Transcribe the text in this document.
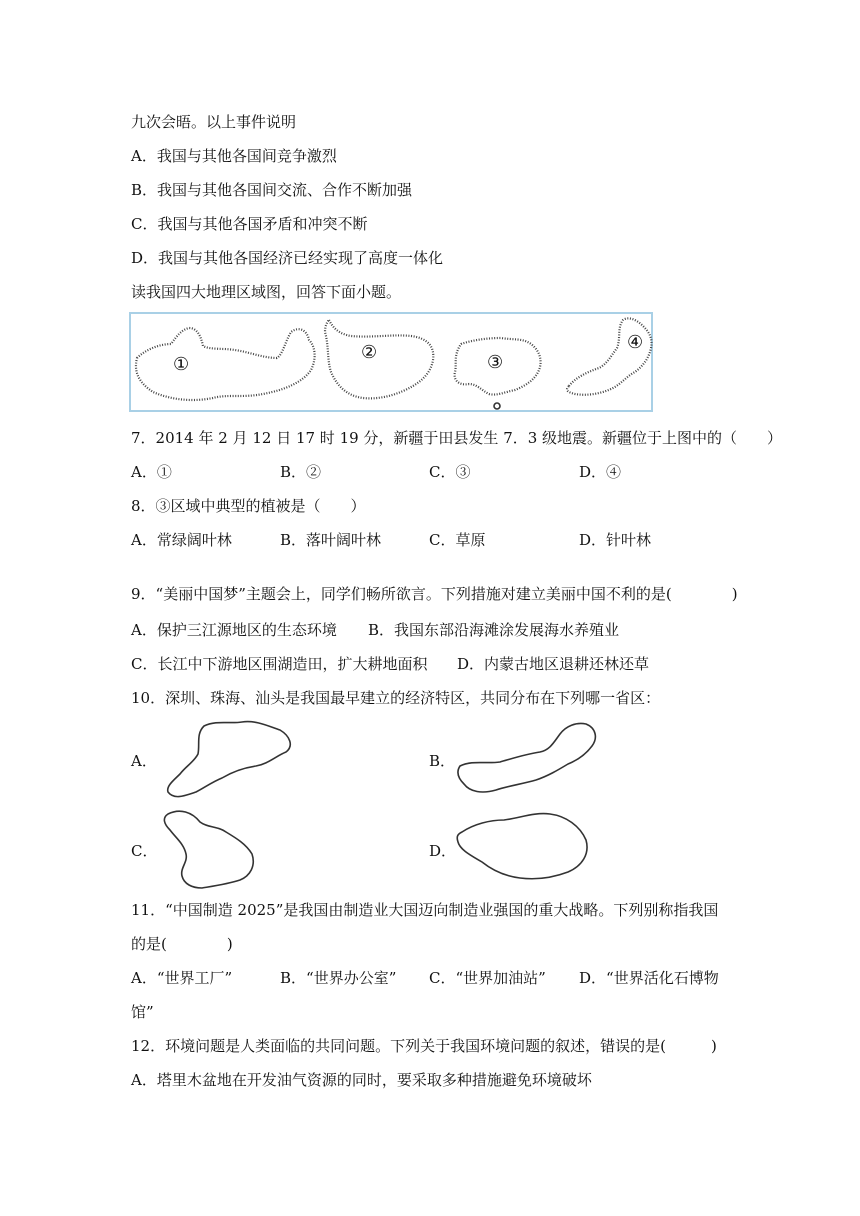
九次会晤。以上事件说明
A．我国与其他各国间竞争激烈
B．我国与其他各国间交流、合作不断加强
C．我国与其他各国矛盾和冲突不断
D．我国与其他各国经济已经实现了高度一体化
读我国四大地理区域图，回答下面小题。
①
②	③
④
7．2014 年 2 月 12 日 17 时 19 分，新疆于田县发生 7．3 级地震。新疆位于上图中的（　　）
A．①	B．②	C．③	D．④
8．③区域中典型的植被是（　　）
A．常绿阔叶林	B．落叶阔叶林	C．草原	D．针叶林
9．“美丽中国梦”主题会上，同学们畅所欲言。下列措施对建立美丽中国不利的是(　　　　)
A．保护三江源地区的生态环境 B．我国东部沿海滩涂发展海水养殖业
C．长江中下游地区围湖造田，扩大耕地面积 D．内蒙古地区退耕还林还草
10．深圳、珠海、汕头是我国最早建立的经济特区，共同分布在下列哪一省区：
A．	B．
C．	D．
11．“中国制造 2025”是我国由制造业大国迈向制造业强国的重大战略。下列别称指我国
的是(　　　　)
A．“世界工厂”	B．“世界办公室” C．“世界加油站” D．“世界活化石博物
馆”
12．环境问题是人类面临的共同问题。下列关于我国环境问题的叙述，错误的是(　　　)
A．塔里木盆地在开发油气资源的同时，要采取多种措施避免环境破坏
